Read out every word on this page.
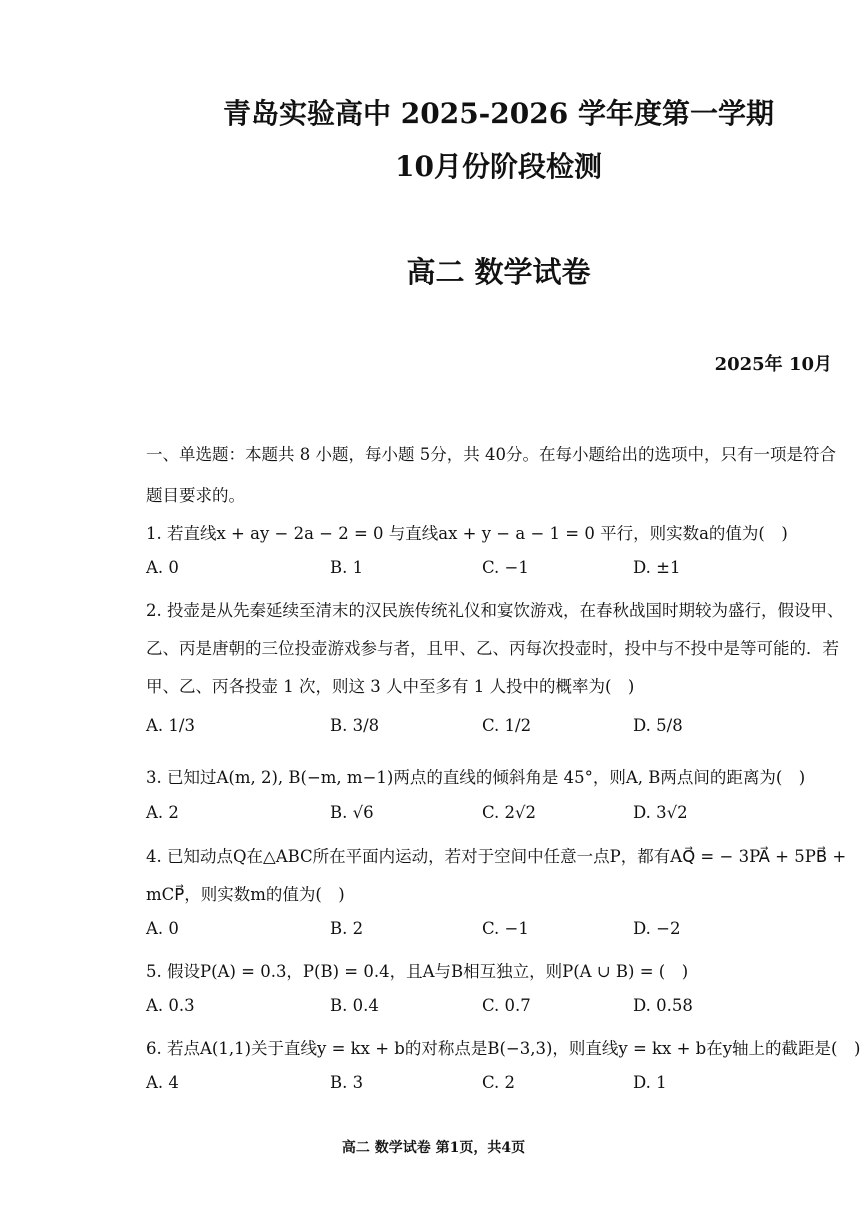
青岛实验高中 2025-2026 学年度第一学期
10月份阶段检测
高二 数学试卷
2025年 10月
一、单选题：本题共 8 小题，每小题 5分，共 40分。在每小题给出的选项中，只有一项是符合
题目要求的。
1. 若直线x + ay − 2a − 2 = 0 与直线ax + y − a − 1 = 0 平行，则实数a的值为(　)
A. 0	B. 1	C. −1	D. ±1
2. 投壶是从先秦延续至清末的汉民族传统礼仪和宴饮游戏，在春秋战国时期较为盛行，假设甲、
乙、丙是唐朝的三位投壶游戏参与者，且甲、乙、丙每次投壶时，投中与不投中是等可能的．若
甲、乙、丙各投壶 1 次，则这 3 人中至多有 1 人投中的概率为(　)
A. 1/3	B. 3/8	C. 1/2	D. 5/8
3. 已知过A(m, 2), B(−m, m−1)两点的直线的倾斜角是 45°，则A, B两点间的距离为(　)
A. 2	B. √6	C. 2√2	D. 3√2
4. 已知动点Q在△ABC所在平面内运动，若对于空间中任意一点P，都有AQ⃗ = − 3PA⃗ + 5PB⃗ +
mCP⃗，则实数m的值为(　)
A. 0	B. 2	C. −1	D. −2
5. 假设P(A) = 0.3，P(B) = 0.4，且A与B相互独立，则P(A ∪ B) = (　)
A. 0.3	B. 0.4	C. 0.7	D. 0.58
6. 若点A(1,1)关于直线y = kx + b的对称点是B(−3,3)，则直线y = kx + b在y轴上的截距是(　)
A. 4	B. 3	C. 2	D. 1
高二 数学试卷 第1页，共4页
